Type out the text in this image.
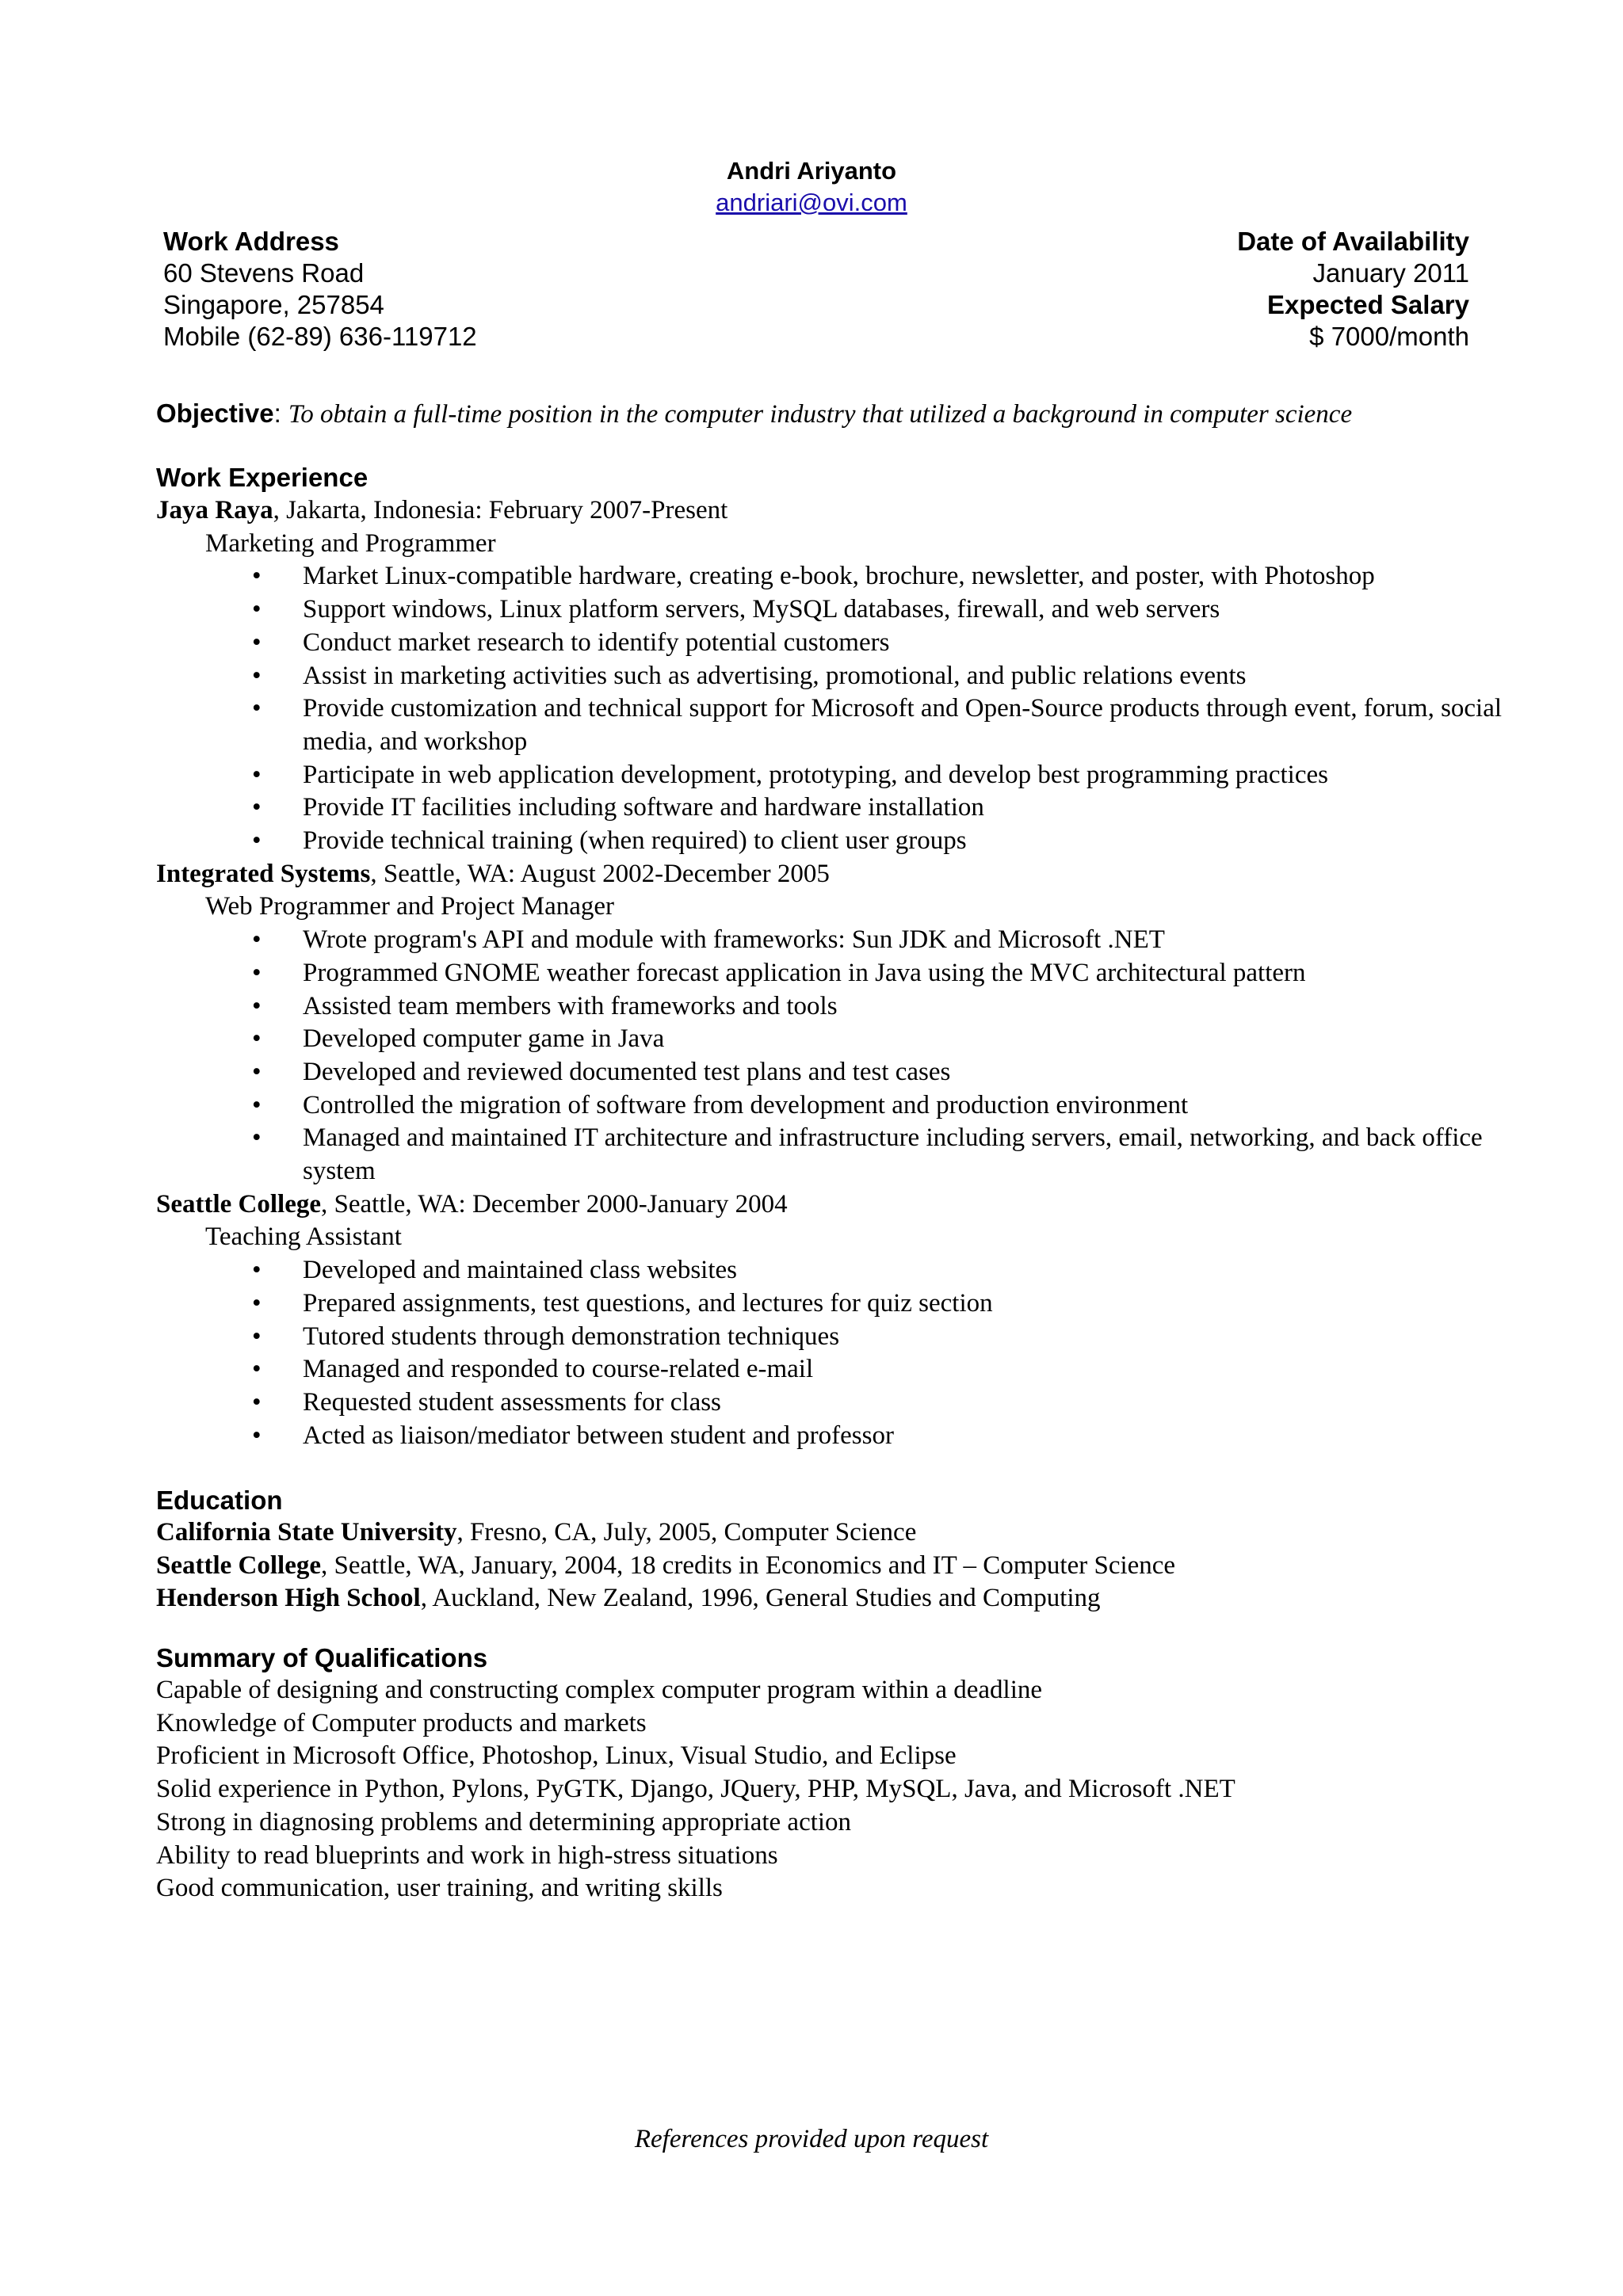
Andri Ariyanto
andriari@ovi.com
Work Address
60 Stevens Road
Singapore, 257854
Mobile (62-89) 636-119712
Date of Availability
January 2011
Expected Salary
$ 7000/month
Objective: To obtain a full-time position in the computer industry that utilized a background in computer science
Work Experience
Jaya Raya, Jakarta, Indonesia: February 2007-Present
Marketing and Programmer
• Market Linux-compatible hardware, creating e-book, brochure, newsletter, and poster, with Photoshop
• Support windows, Linux platform servers, MySQL databases, firewall, and web servers
• Conduct market research to identify potential customers
• Assist in marketing activities such as advertising, promotional, and public relations events
• Provide customization and technical support for Microsoft and Open-Source products through event, forum, social media, and workshop
• Participate in web application development, prototyping, and develop best programming practices
• Provide IT facilities including software and hardware installation
• Provide technical training (when required) to client user groups
Integrated Systems, Seattle, WA: August 2002-December 2005
Web Programmer and Project Manager
• Wrote program's API and module with frameworks: Sun JDK and Microsoft .NET
• Programmed GNOME weather forecast application in Java using the MVC architectural pattern
• Assisted team members with frameworks and tools
• Developed computer game in Java
• Developed and reviewed documented test plans and test cases
• Controlled the migration of software from development and production environment
• Managed and maintained IT architecture and infrastructure including servers, email, networking, and back office system
Seattle College, Seattle, WA: December 2000-January 2004
Teaching Assistant
• Developed and maintained class websites
• Prepared assignments, test questions, and lectures for quiz section
• Tutored students through demonstration techniques
• Managed and responded to course-related e-mail
• Requested student assessments for class
• Acted as liaison/mediator between student and professor
Education
California State University, Fresno, CA, July, 2005, Computer Science
Seattle College, Seattle, WA, January, 2004, 18 credits in Economics and IT – Computer Science
Henderson High School, Auckland, New Zealand, 1996, General Studies and Computing
Summary of Qualifications
Capable of designing and constructing complex computer program within a deadline
Knowledge of Computer products and markets
Proficient in Microsoft Office, Photoshop, Linux, Visual Studio, and Eclipse
Solid experience in Python, Pylons, PyGTK, Django, JQuery, PHP, MySQL, Java, and Microsoft .NET
Strong in diagnosing problems and determining appropriate action
Ability to read blueprints and work in high-stress situations
Good communication, user training, and writing skills
References provided upon request
